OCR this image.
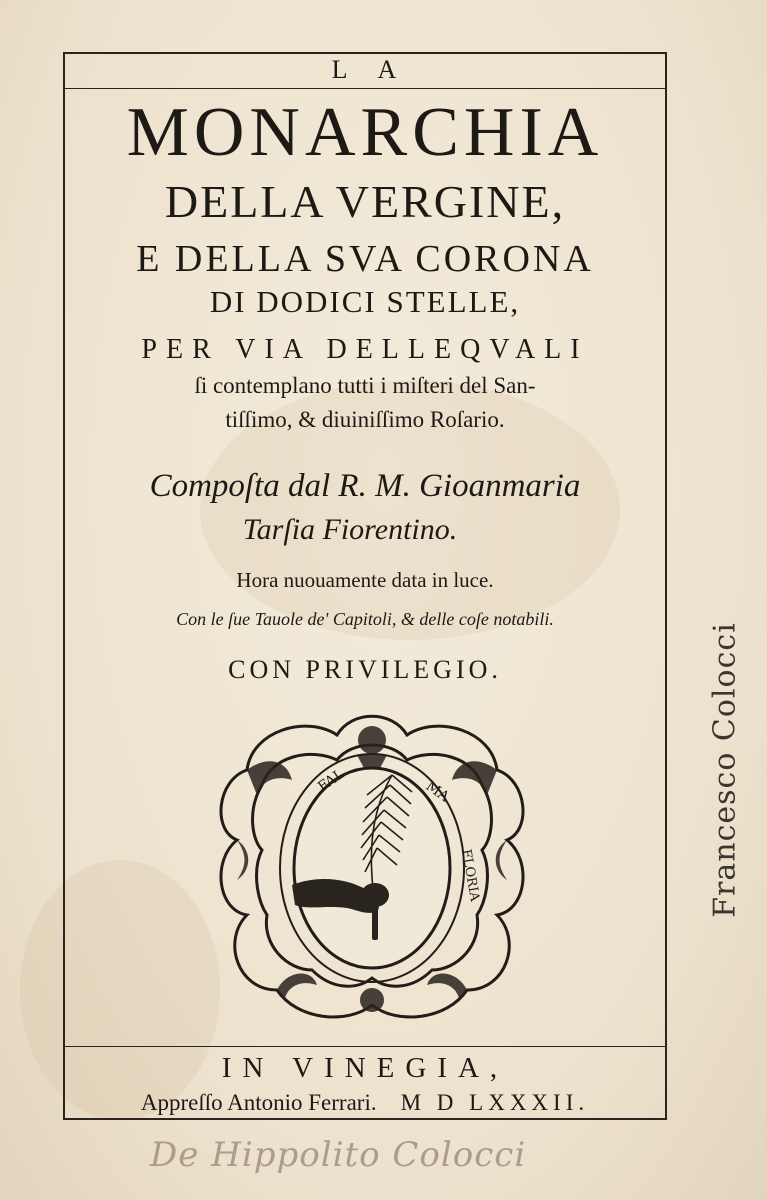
LA
MONARCHIA
DELLA VERGINE,
E DELLA SVA CORONA
DI DODICI STELLE,
PER VIA DELLEQVALI
ſi contemplano tutti i miſteri del San-
tiſſimo, & diuiniſſimo Roſario.
Compoſta dal R. M. Gioanmaria
Tarſia Fiorentino.
Hora nuouamente data in luce.
Con le ſue Tauole de' Capitoli, & delle coſe notabili.
CON PRIVILEGIO.
FAL	MA
FLORIA
IN VINEGIA,
Appreſſo Antonio Ferrari. M D LXXXII.
Francesco Colocci
De Hippolito Colocci
